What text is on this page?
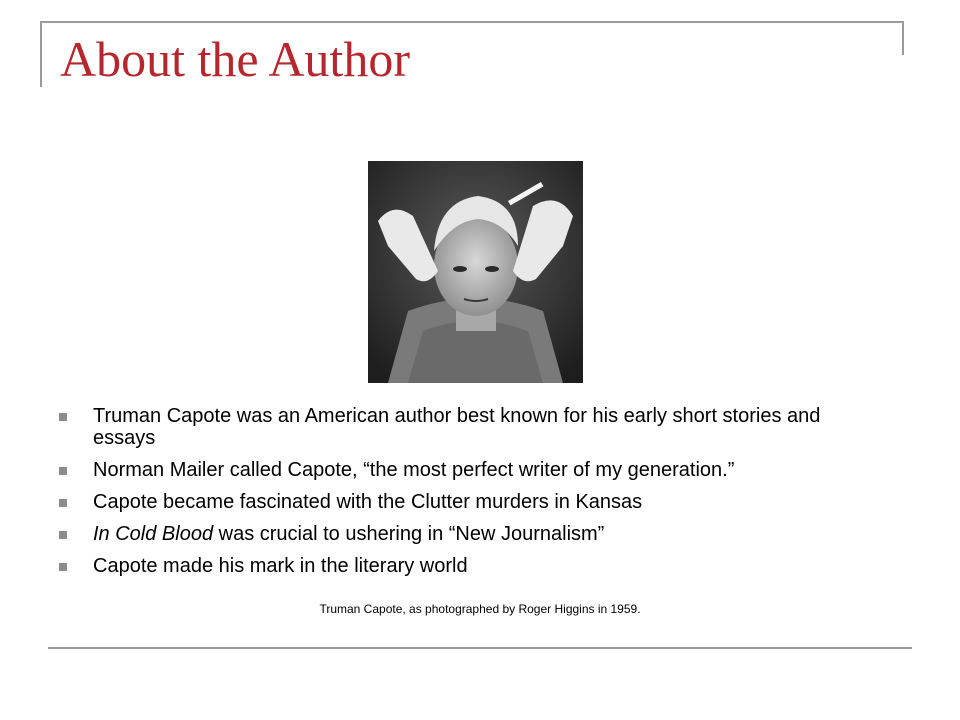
About the Author
Truman Capote was an American author best known for his early short stories and essays
Norman Mailer called Capote, “the most perfect writer of my generation.”
Capote became fascinated with the Clutter murders in Kansas
In Cold Blood was crucial to ushering in “New Journalism”
Capote made his mark in the literary world
Truman Capote, as photographed by Roger Higgins in 1959.
